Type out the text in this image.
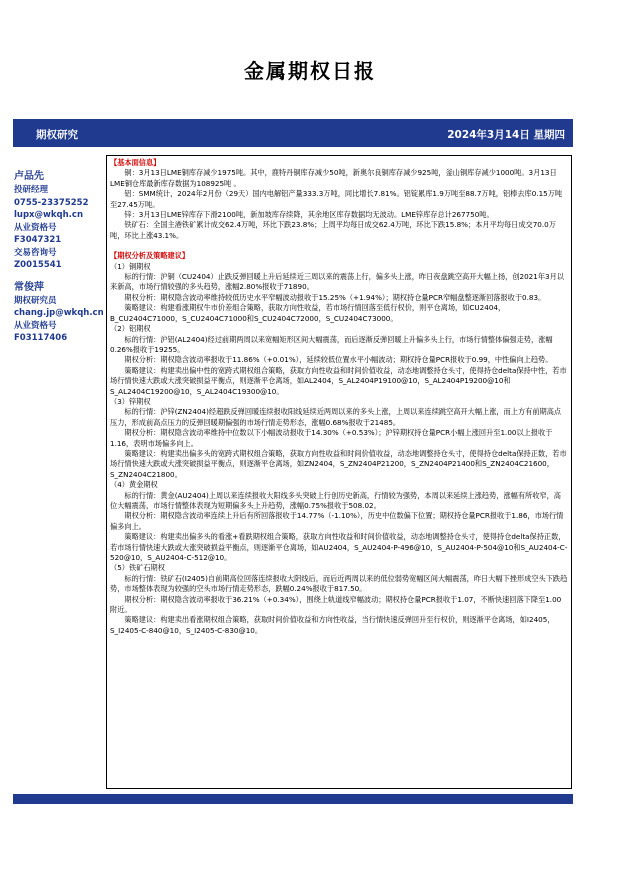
金属期权日报
期权研究	2024年3月14日 星期四
卢品先
投研经理
0755-23375252
lupx@wkqh.cn
从业资格号
F3047321
交易咨询号
Z0015541
常俊萍
期权研究员
chang.jp@wkqh.cn
从业资格号
F03117406

【基本面信息】

铜：3月13日LME铜库存减少1975吨。其中，鹿特丹铜库存减少50吨，新奥尔良铜库存减少925吨，釜山铜库存减少1000吨。3月13日LME铜仓库最新库存数据为108925吨 。

铝：SMM统计，2024年2月份（29天）国内电解铝产量333.3万吨，同比增长7.81%。铝锭累库1.9万吨至88.7万吨，铝棒去库0.15万吨至27.45万吨。

锌：3月13日LME锌库存下滑2100吨，新加坡库存续降，其余地区库存数据均无波动。LME锌库存总计267750吨。

铁矿石：全国主港铁矿累计成交62.4万吨，环比下跌23.8%；上周平均每日成交62.4万吨，环比下跌15.8%；本月平均每日成交70.0万吨，环比上涨43.1%。

【期权分析及策略建议】

（1）铜期权

标的行情：沪铜（CU2404）止跌反弹回暖上升后延续近三周以来的震荡上行，偏多头上涨，昨日夜盘跳空高开大幅上扬，创2021年3月以来新高，市场行情较强的多头趋势，涨幅2.80%报收于71890。

期权分析：期权隐含波动率维持较低历史水平窄幅波动报收于15.25%（+1.94%）；期权持仓量PCR窄幅盘整逐渐回落报收于0.83。

策略建议：构建看涨期权牛市价差组合策略，获取方向性收益，若市场行情回落至低行权价，则平仓离场，如CU2404，B_CU2404C71000，S_CU2404C71000和S_CU2404C72000，S_CU2404C73000。

（2）铝期权

标的行情：沪铝(AL2404)经过前期两周以来宽幅矩形区间大幅震荡，而后逐渐反弹回暖上升偏多头上行，市场行情整体偏强走势，涨幅0.26%报收于19255。

期权分析：期权隐含波动率报收于11.86%（+0.01%），延续较低位置水平小幅波动；期权持仓量PCR报收于0.99，中性偏向上趋势。

策略建议：构建卖出偏中性的宽跨式期权组合策略，获取方向性收益和时间价值收益，动态地调整持仓头寸，使得持仓delta保持中性，若市场行情快速大跌或大涨突破损益平衡点，则逐渐平仓离场，如AL2404，S_AL2404P19100@10，S_AL2404P19200@10和S_AL2404C19200@10，S_AL2404C19300@10。

（3）锌期权

标的行情：沪锌(ZN2404)经超跌反弹回暖连续报收阳线延续近两周以来的多头上涨，上周以来连续跳空高开大幅上涨，而上方有前期高点压力，形成前高点压力的反弹回暖期偏强的市场行情走势形态，涨幅0.68%报收于21485。

期权分析：期权隐含波动率维持中位数以下小幅波动报收于14.30%（+0.53%）；沪锌期权持仓量PCR小幅上涨回升至1.00以上报收于1.16，表明市场偏多向上。

策略建议：构建卖出偏多头的宽跨式期权组合策略，获取方向性收益和时间价值收益，动态地调整持仓头寸，使得持仓delta保持正数，若市场行情快速大跌或大涨突破损益平衡点，则逐渐平仓离场，如ZN2404，S_ZN2404P21200，S_ZN2404P21400和S_ZN2404C21600，S_ZN2404C21800。

（4）黄金期权

标的行情：黄金(AU2404)上周以来连续报收大阳线多头突破上行创历史新高，行情较为强势，本周以来延续上涨趋势，涨幅有所收窄，高位大幅震荡，市场行情整体表现为短期偏多头上升趋势，涨幅0.75%报收于508.02。

期权分析：期权隐含波动率连续上升后有所回落报收于14.77%（-1.10%），历史中位数偏下位置；期权持仓量PCR报收于1.86，市场行情偏多向上。

策略建议：构建卖出偏多头的看涨+看跌期权组合策略，获取方向性收益和时间价值收益，动态地调整持仓头寸，使得持仓delta保持正数，若市场行情快速大跌或大涨突破损益平衡点，则逐渐平仓离场，如AU2404，S_AU2404-P-496@10，S_AU2404-P-504@10和S_AU2404-C-520@10，S_AU2404-C-512@10。

（5）铁矿石期权

标的行情：铁矿石(I2405)自前期高位回落连续报收大阴线后，而后近两周以来的低位弱势宽幅区间大幅震荡，昨日大幅下挫形成空头下跌趋势，市场整体表现为较强的空头市场行情走势形态，跌幅0.24%报收于817.50。

期权分析：期权隐含波动率报收于36.21%（+0.34%），围绕上轨道线窄幅波动；期权持仓量PCR报收于1.07，不断快速回落下降至1.00附近。

策略建议：构建卖出看涨期权组合策略，获取时间价值收益和方向性收益，当行情快速反弹回升至行权价，则逐渐平仓离场，如I2405，S_I2405-C-840@10，S_I2405-C-830@10。
